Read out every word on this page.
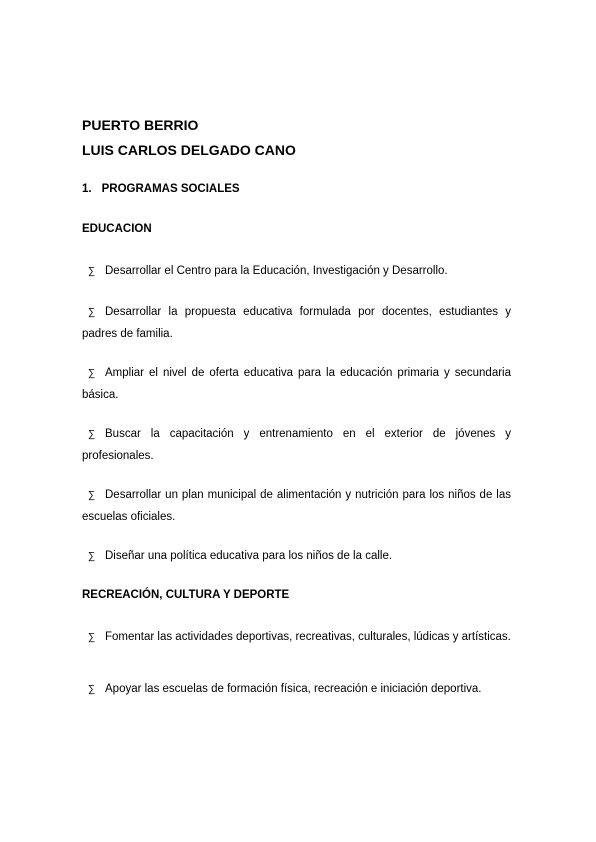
PUERTO BERRIO
LUIS CARLOS DELGADO CANO
1. PROGRAMAS SOCIALES
EDUCACION
∑ Desarrollar el Centro para la Educación, Investigación y Desarrollo.
∑ Desarrollar la propuesta educativa formulada por docentes, estudiantes y padres de familia.
∑ Ampliar el nivel de oferta educativa para la educación primaria y secundaria básica.
∑ Buscar la capacitación y entrenamiento en el exterior de jóvenes y profesionales.
∑ Desarrollar un plan municipal de alimentación y nutrición para los niños de las escuelas oficiales.
∑ Diseñar una política educativa para los niños de la calle.
RECREACIÓN, CULTURA Y DEPORTE
∑ Fomentar las actividades deportivas, recreativas, culturales, lúdicas y artísticas.
∑ Apoyar las escuelas de formación física, recreación e iniciación deportiva.
